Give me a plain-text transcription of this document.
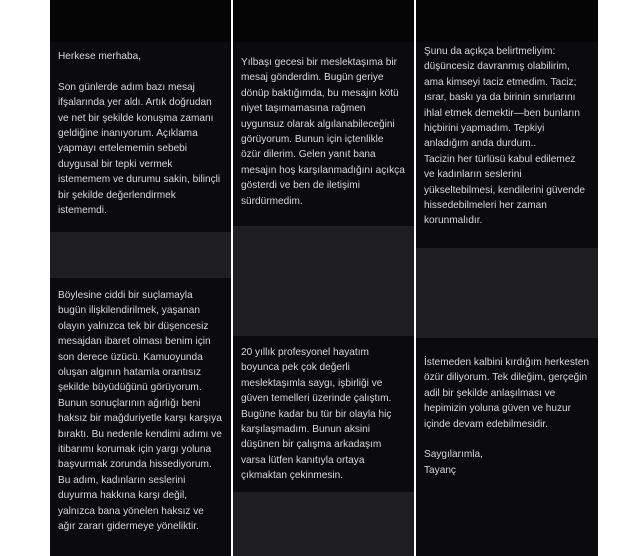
Herkese merhaba,

Son günlerde adım bazı mesaj
ifşalarında yer aldı. Artık doğrudan
ve net bir şekilde konuşma zamanı
geldiğine inanıyorum. Açıklama
yapmayı ertelememin sebebi
duygusal bir tepki vermek
istememem ve durumu sakin, bilinçli
bir şekilde değerlendirmek
istememdi.

Böylesine ciddi bir suçlamayla
bugün ilişkilendirilmek, yaşanan
olayın yalnızca tek bir düşencesiz
mesajdan ibaret olması benim için
son derece üzücü. Kamuoyunda
oluşan algının hatamla orantısız
şekilde büyüdüğünü görüyorum.
Bunun sonuçlarının ağırlığı beni
haksız bir mağduriyetle karşı karşıya
bıraktı. Bu nedenle kendimi adımı ve
itibarımı korumak için yargı yoluna
başvurmak zorunda hissediyorum.
Bu adım, kadınların seslerini
duyurma hakkına karşı değil,
yalnızca bana yönelen haksız ve
ağır zararı gidermeye yöneliktir.

Yılbaşı gecesi bir meslektaşıma bir
mesaj gönderdim. Bugün geriye
dönüp baktığımda, bu mesajın kötü
niyet taşımamasına rağmen
uygunsuz olarak algılanabileceğini
görüyorum. Bunun için içtenlikle
özür dilerim. Gelen yanıt bana
mesajın hoş karşılanmadığını açıkça
gösterdi ve ben de iletişimi
sürdürmedim.

20 yıllık profesyonel hayatım
boyunca pek çok değerli
meslektaşımla saygı, işbirliği ve
güven temelleri üzerinde çalıştım.
Bugüne kadar bu tür bir olayla hiç
karşılaşmadım. Bunun aksini
düşünen bir çalışma arkadaşım
varsa lütfen kanıtıyla ortaya
çıkmaktan çekinmesin.

Şunu da açıkça belirtmeliyim:
düşüncesiz davranmış olabilirim,
ama kimseyi taciz etmedim. Taciz;
ısrar, baskı ya da birinin sınırlarını
ihlal etmek demektir—ben bunların
hiçbirini yapmadım. Tepkiyi
anladığım anda durdum..
Tacizin her türlüsü kabul edilemez
ve kadınların seslerini
yükseltebilmesi, kendilerini güvende
hissedebilmeleri her zaman
korunmalıdır.

İstemeden kalbini kırdığım herkesten
özür diliyorum. Tek dileğim, gerçeğin
adil bir şekilde anlaşılması ve
hepimizin yoluna güven ve huzur
içinde devam edebilmesidir.

Saygılarımla,
Tayanç
